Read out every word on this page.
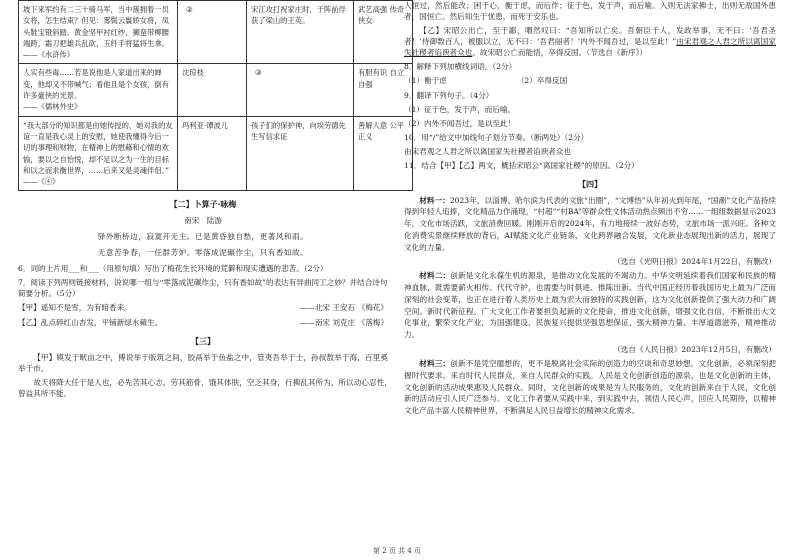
坡下来军约有二三十骑马军，当中簇拥着一员女将，怎生结束？但见：雾鬓云鬟娇女将，凤头鞋宝镫斜踏。黄金坚甲衬红纱，狮蛮带柳腰端跨。霜刀把雄兵乱砍，玉纤手将猛将生拿。
——《水浒传》	②	宋江攻打祝家庄时，于阵前俘获了梁山的王英。	武艺高强 传奇侠女

人实有些毒……若是说他是人家道出来的婵变，他却又不带喊气；看他且是个女孩，倒有许多豪侠的光景。
——《儒林外史》	沈琼枝	③	有胆有识 自立自强

“我大部分的知识都是由她传授的，她对我的友谊一直是我心灵上的安慰，她使我懂得今后一切的事理和财物，在精神上的慰藉和心情的欢愉，要以之自怡悦，却不足以之为一生的目标和以之而求衡世界，……后来又是灵魂伴侣。” ——《④》	玛利亚·谭波儿	孩子们的保护神，向埃劳德先生写信求证	善解人意 公平正义
【二】卜算子·咏梅
南宋　陆游
驿外断桥边，寂寞开无主。已是黄昏独自愁，更著风和雨。
无意苦争春，一任群芳妒。零落成泥碾作尘，只有香如故。
6．词的上片用___和___（用原句填）写出了梅花生长环境的荒僻和现实遭遇的悲苦。（2分）
7．阅读下列两则链接材料，说说哪一组与“零落成泥碾作尘，只有香如故”的表达有异曲同工之妙？并结合诗句简要分析。（5分）
【甲】遥知不是雪，为有暗香来。	——北宋 王安石 《梅花》
【乙】乱点碎红山杏发，平铺新绿水蘋生。	——南宋 刘克庄 《落梅》
【三】
【甲】嫫发于畎亩之中，傅说举于版筑之间，胶鬲举于鱼盐之中，管夷吾举于士，孙叔敖举于海，百里奚举于市。
故天将降大任于是人也，必先苦其心志，劳其筋骨，饿其体肤，空乏其身，行拂乱其所为，所以动心忍性，　曾益其所不能。
人恒过，然后能改；困于心，衡于虑，而后作；征于色，发于声，而后喻。入则无法家拂士，出则无敌国外患者，国恒亡。然后知生于忧患，而死于安乐也。
【乙】宋昭公出亡，至于鄙，喟然叹曰：“吾知所以亡矣。吾朝臣千人，发政举事，无不曰：‘吾君圣者！’侍御数百人，被服以立，无不曰：‘吾君丽者！’内外不闻吾过，是以至此！”由宋君观之人君之所以离国家失社稷者谄谀者众也。故宋昭公亡而能悟，卒得反国。（节选自《新序》）
8．解释下列加横线词语。（2分）
（1）衡于虑	（2）卒得反国
9．翻译下列句子。（4分）
（1）征于色，发于声，而后喻。
（2）内外不闻吾过，是以至此！
10．用“/”给文中加线句子划分节奏。（断两处）（2分）
由宋君观之人君之所以离国家失社稷者谄谀者众也
11．结合【甲】【乙】两文，概括宋昭公“离国家社稷”的原因。（2分）
【四】
材料一：2023年，以淄博、哈尔滨为代表的文旅“出圈”，“文博热”从年初火到年尾，“国潮”文化产品持续得到年轻人追捧，文化精品力作涌现，“村超”“村BA”等群众性文体活动热点频出不穷……一组组数据显示2023年，文化市场活跃，文旅消费回暖。刚刚开启的2024年，有力地接续一波好态势，文旅市场一派兴旺。各种文化消费实景继续释放的背后，AI赋能文化产业链条，文化跨界融合发展，文化新业态展现出新的活力，展现了文化的力量。
（选自《光明日报》2024年1月22日，有删改）
材料二：创新是文化永葆生机的源泉，是推动文化发展的不竭动力。中华文明延续着我们国家和民族的精神血脉，既需要薪火相传、代代守护，也需要与时俱进、推陈出新。当代中国正经历着我国历史上最为广泛而深刻的社会变革，也正在进行着人类历史上最为宏大而独特的实践创新，这为文化创新提供了强大动力和广阔空间。新时代新征程，广大文化工作者要担负起新的文化使命，推进文化创新，增强文化自信，不断推出大文化事业，繁荣文化产业，为国强建设、民族复兴提供坚强思想保证、强大精神力量、丰厚道德滋养，精神推动力。
（选自《人民日报》2023年12月5日，有删改）
材料三：创新不是凭空臆想的，更不是脱离社会实际的创造力的空谈和奇思妙想。文化创新，必须深刻把握时代要求，来自时代人民群众，来自人民群众的实践。人民是文化创新创造的源泉，也是文化创新的主体，文化创新的活动成果惠及人民群众。同时，文化创新的成果是为人民服务的，文化的创新来自于人民，文化创新的活动应引人民广泛参与。文化工作者要从实践中来，到实践中去，领悟人民心声，回应人民期待，以精神文化产品丰富人民精神世界，不断满足人民日益增长的精神文化需求。
第 2 页 共 4 页
